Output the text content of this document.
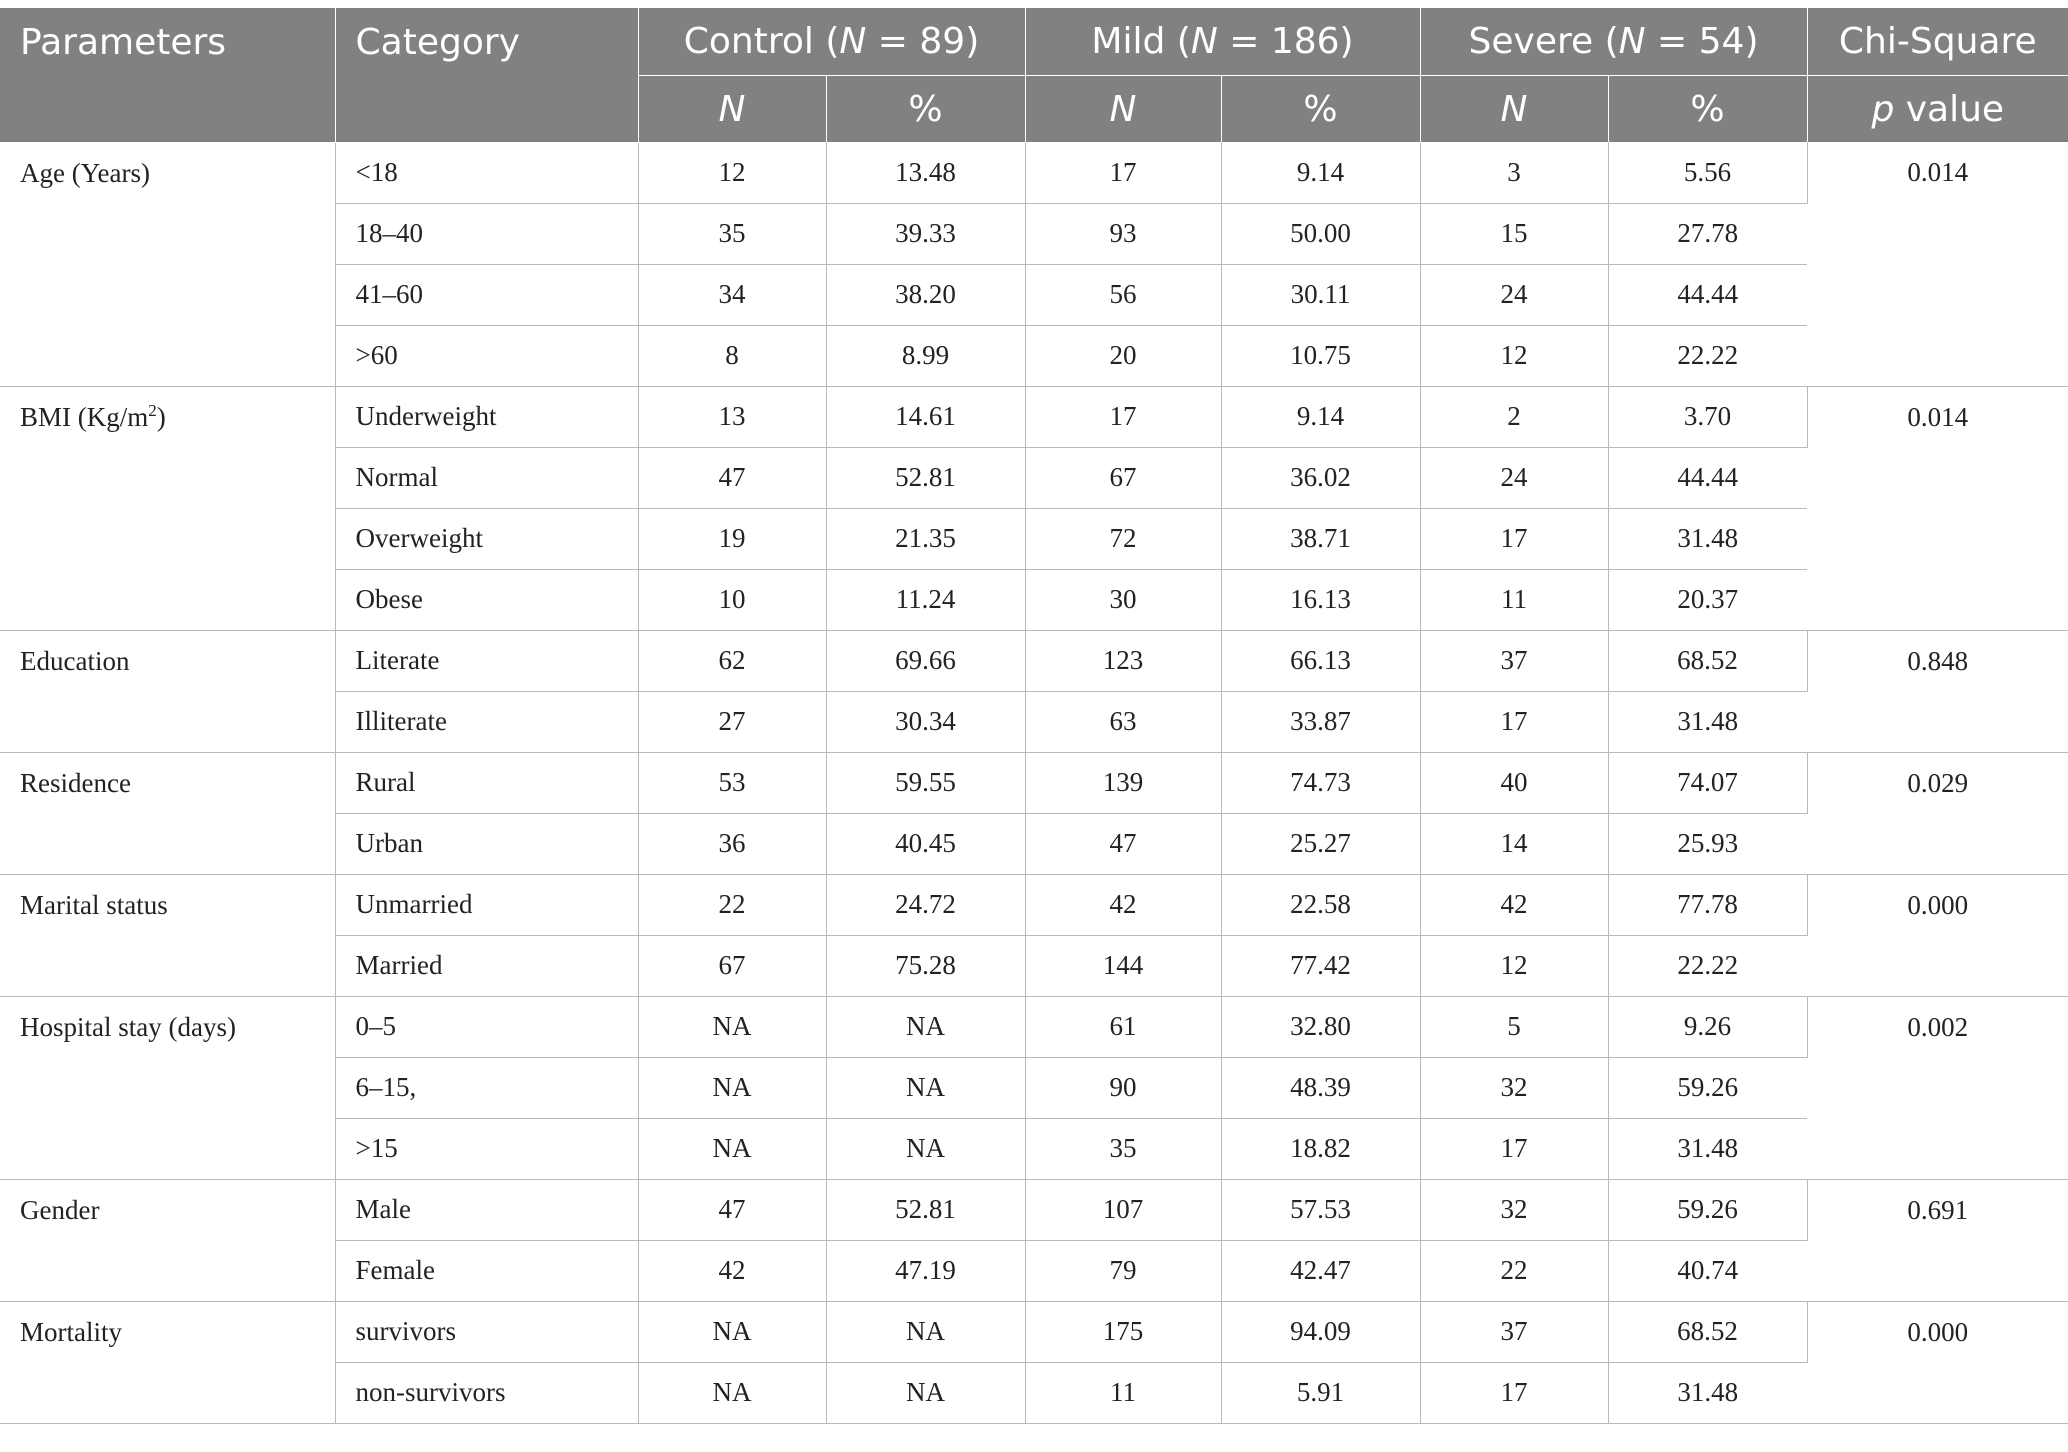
Parameters	Category	Control (N = 89)		Mild (N = 186)		Severe (N = 54)		Chi-Square
		N	%	N	%	N	%	p value
Age (Years)	<18	12	13.48	17	9.14	3	5.56	0.014
	18–40	35	39.33	93	50.00	15	27.78	
	41–60	34	38.20	56	30.11	24	44.44	
	>60	8	8.99	20	10.75	12	22.22	
BMI $(Kg/m^2)$	Underweight	13	14.61	17	9.14	2	3.70	0.014
	Normal	47	52.81	67	36.02	24	44.44	
	Overweight	19	21.35	72	38.71	17	31.48	
	Obese	10	11.24	30	16.13	11	20.37	
Education	Literate	62	69.66	123	66.13	37	68.52	0.848
	Illiterate	27	30.34	63	33.87	17	31.48	
Residence	Rural	53	59.55	139	74.73	40	74.07	0.029
	Urban	36	40.45	47	25.27	14	25.93	
Marital status	Unmarried	22	24.72	42	22.58	42	77.78	0.000
	Married	67	75.28	144	77.42	12	22.22	
Hospital stay (days)	0–5	NA	NA	61	32.80	5	9.26	0.002
	6–15,	NA	NA	90	48.39	32	59.26	
	>15	NA	NA	35	18.82	17	31.48	
Gender	Male	47	52.81	107	57.53	32	59.26	0.691
	Female	42	47.19	79	42.47	22	40.74	
Mortality	survivors	NA	NA	175	94.09	37	68.52	0.000
	non-survivors	NA	NA	11	5.91	17	31.48	
